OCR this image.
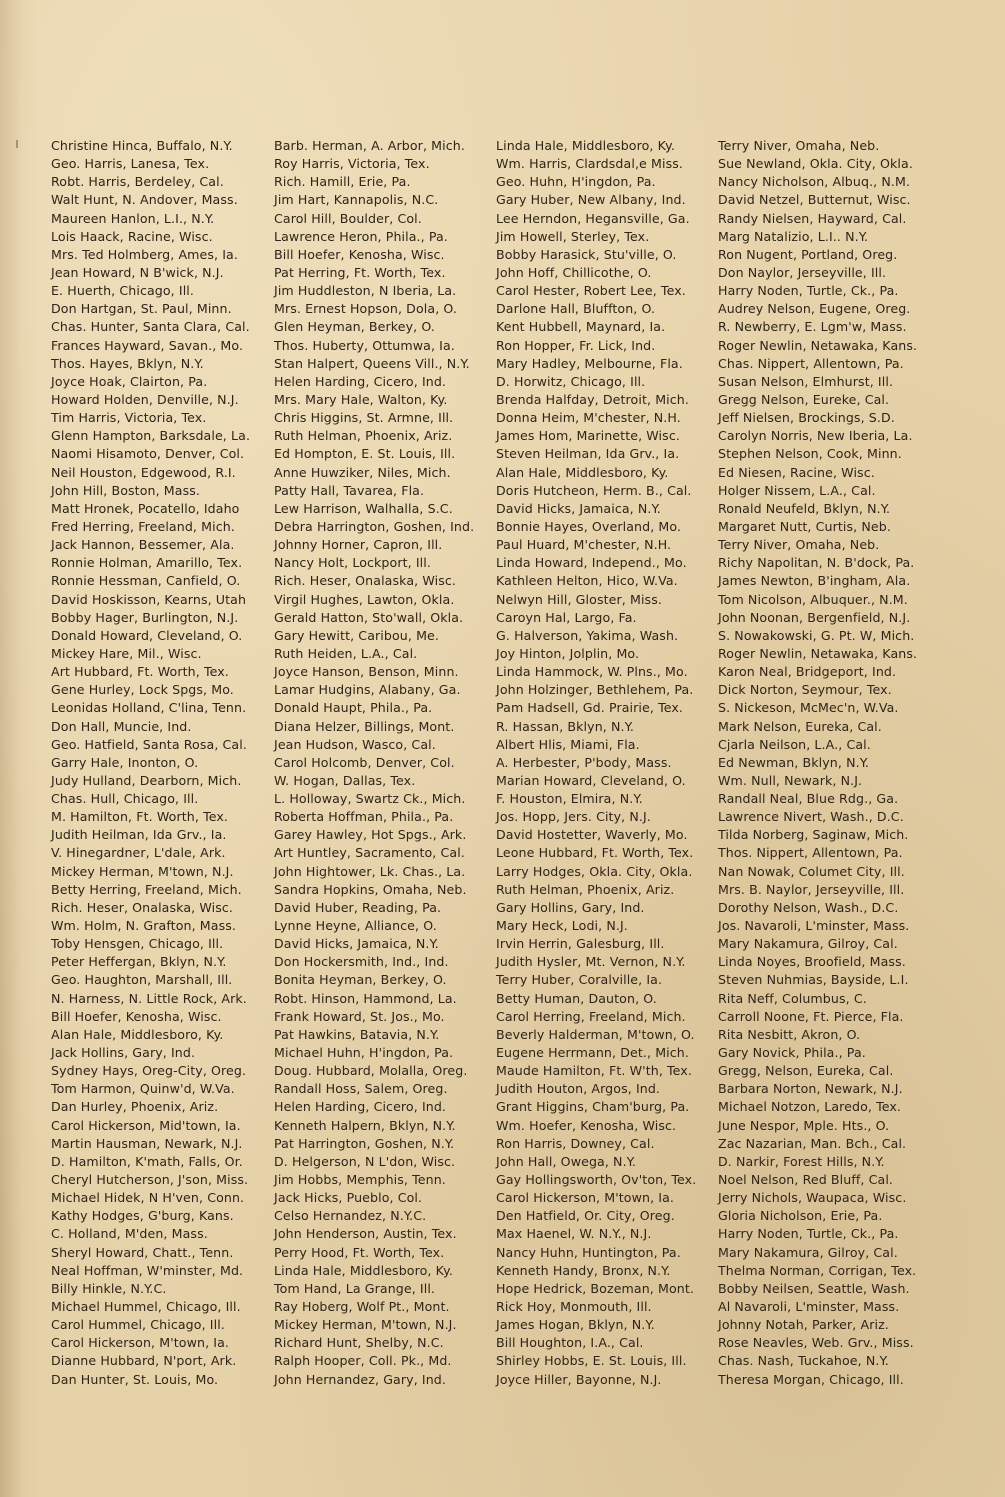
Christine Hinca, Buffalo, N.Y.
Geo. Harris, Lanesa, Tex.
Robt. Harris, Berdeley, Cal.
Walt Hunt, N. Andover, Mass.
Maureen Hanlon, L.I., N.Y.
Lois Haack, Racine, Wisc.
Mrs. Ted Holmberg, Ames, Ia.
Jean Howard, N B'wick, N.J.
E. Huerth, Chicago, Ill.
Don Hartgan, St. Paul, Minn.
Chas. Hunter, Santa Clara, Cal.
Frances Hayward, Savan., Mo.
Thos. Hayes, Bklyn, N.Y.
Joyce Hoak, Clairton, Pa.
Howard Holden, Denville, N.J.
Tim Harris, Victoria, Tex.
Glenn Hampton, Barksdale, La.
Naomi Hisamoto, Denver, Col.
Neil Houston, Edgewood, R.I.
John Hill, Boston, Mass.
Matt Hronek, Pocatello, Idaho
Fred Herring, Freeland, Mich.
Jack Hannon, Bessemer, Ala.
Ronnie Holman, Amarillo, Tex.
Ronnie Hessman, Canfield, O.
David Hoskisson, Kearns, Utah
Bobby Hager, Burlington, N.J.
Donald Howard, Cleveland, O.
Mickey Hare, Mil., Wisc.
Art Hubbard, Ft. Worth, Tex.
Gene Hurley, Lock Spgs, Mo.
Leonidas Holland, C'lina, Tenn.
Don Hall, Muncie, Ind.
Geo. Hatfield, Santa Rosa, Cal.
Garry Hale, Inonton, O.
Judy Hulland, Dearborn, Mich.
Chas. Hull, Chicago, Ill.
M. Hamilton, Ft. Worth, Tex.
Judith Heilman, Ida Grv., Ia.
V. Hinegardner, L'dale, Ark.
Mickey Herman, M'town, N.J.
Betty Herring, Freeland, Mich.
Rich. Heser, Onalaska, Wisc.
Wm. Holm, N. Grafton, Mass.
Toby Hensgen, Chicago, Ill.
Peter Heffergan, Bklyn, N.Y.
Geo. Haughton, Marshall, Ill.
N. Harness, N. Little Rock, Ark.
Bill Hoefer, Kenosha, Wisc.
Alan Hale, Middlesboro, Ky.
Jack Hollins, Gary, Ind.
Sydney Hays, Oreg-City, Oreg.
Tom Harmon, Quinw'd, W.Va.
Dan Hurley, Phoenix, Ariz.
Carol Hickerson, Mid'town, Ia.
Martin Hausman, Newark, N.J.
D. Hamilton, K'math, Falls, Or.
Cheryl Hutcherson, J'son, Miss.
Michael Hidek, N H'ven, Conn.
Kathy Hodges, G'burg, Kans.
C. Holland, M'den, Mass.
Sheryl Howard, Chatt., Tenn.
Neal Hoffman, W'minster, Md.
Billy Hinkle, N.Y.C.
Michael Hummel, Chicago, Ill.
Carol Hummel, Chicago, Ill.
Carol Hickerson, M'town, Ia.
Dianne Hubbard, N'port, Ark.
Dan Hunter, St. Louis, Mo.
Barb. Herman, A. Arbor, Mich.
Roy Harris, Victoria, Tex.
Rich. Hamill, Erie, Pa.
Jim Hart, Kannapolis, N.C.
Carol Hill, Boulder, Col.
Lawrence Heron, Phila., Pa.
Bill Hoefer, Kenosha, Wisc.
Pat Herring, Ft. Worth, Tex.
Jim Huddleston, N Iberia, La.
Mrs. Ernest Hopson, Dola, O.
Glen Heyman, Berkey, O.
Thos. Huberty, Ottumwa, Ia.
Stan Halpert, Queens Vill., N.Y.
Helen Harding, Cicero, Ind.
Mrs. Mary Hale, Walton, Ky.
Chris Higgins, St. Armne, Ill.
Ruth Helman, Phoenix, Ariz.
Ed Hompton, E. St. Louis, Ill.
Anne Huwziker, Niles, Mich.
Patty Hall, Tavarea, Fla.
Lew Harrison, Walhalla, S.C.
Debra Harrington, Goshen, Ind.
Johnny Horner, Capron, Ill.
Nancy Holt, Lockport, Ill.
Rich. Heser, Onalaska, Wisc.
Virgil Hughes, Lawton, Okla.
Gerald Hatton, Sto'wall, Okla.
Gary Hewitt, Caribou, Me.
Ruth Heiden, L.A., Cal.
Joyce Hanson, Benson, Minn.
Lamar Hudgins, Alabany, Ga.
Donald Haupt, Phila., Pa.
Diana Helzer, Billings, Mont.
Jean Hudson, Wasco, Cal.
Carol Holcomb, Denver, Col.
W. Hogan, Dallas, Tex.
L. Holloway, Swartz Ck., Mich.
Roberta Hoffman, Phila., Pa.
Garey Hawley, Hot Spgs., Ark.
Art Huntley, Sacramento, Cal.
John Hightower, Lk. Chas., La.
Sandra Hopkins, Omaha, Neb.
David Huber, Reading, Pa.
Lynne Heyne, Alliance, O.
David Hicks, Jamaica, N.Y.
Don Hockersmith, Ind., Ind.
Bonita Heyman, Berkey, O.
Robt. Hinson, Hammond, La.
Frank Howard, St. Jos., Mo.
Pat Hawkins, Batavia, N.Y.
Michael Huhn, H'ingdon, Pa.
Doug. Hubbard, Molalla, Oreg.
Randall Hoss, Salem, Oreg.
Helen Harding, Cicero, Ind.
Kenneth Halpern, Bklyn, N.Y.
Pat Harrington, Goshen, N.Y.
D. Helgerson, N L'don, Wisc.
Jim Hobbs, Memphis, Tenn.
Jack Hicks, Pueblo, Col.
Celso Hernandez, N.Y.C.
John Henderson, Austin, Tex.
Perry Hood, Ft. Worth, Tex.
Linda Hale, Middlesboro, Ky.
Tom Hand, La Grange, Ill.
Ray Hoberg, Wolf Pt., Mont.
Mickey Herman, M'town, N.J.
Richard Hunt, Shelby, N.C.
Ralph Hooper, Coll. Pk., Md.
John Hernandez, Gary, Ind.
Linda Hale, Middlesboro, Ky.
Wm. Harris, Clardsdal,e Miss.
Geo. Huhn, H'ingdon, Pa.
Gary Huber, New Albany, Ind.
Lee Herndon, Hegansville, Ga.
Jim Howell, Sterley, Tex.
Bobby Harasick, Stu'ville, O.
John Hoff, Chillicothe, O.
Carol Hester, Robert Lee, Tex.
Darlone Hall, Bluffton, O.
Kent Hubbell, Maynard, Ia.
Ron Hopper, Fr. Lick, Ind.
Mary Hadley, Melbourne, Fla.
D. Horwitz, Chicago, Ill.
Brenda Halfday, Detroit, Mich.
Donna Heim, M'chester, N.H.
James Hom, Marinette, Wisc.
Steven Heilman, Ida Grv., Ia.
Alan Hale, Middlesboro, Ky.
Doris Hutcheon, Herm. B., Cal.
David Hicks, Jamaica, N.Y.
Bonnie Hayes, Overland, Mo.
Paul Huard, M'chester, N.H.
Linda Howard, Independ., Mo.
Kathleen Helton, Hico, W.Va.
Nelwyn Hill, Gloster, Miss.
Caroyn Hal, Largo, Fa.
G. Halverson, Yakima, Wash.
Joy Hinton, Jolplin, Mo.
Linda Hammock, W. Plns., Mo.
John Holzinger, Bethlehem, Pa.
Pam Hadsell, Gd. Prairie, Tex.
R. Hassan, Bklyn, N.Y.
Albert Hlis, Miami, Fla.
A. Herbester, P'body, Mass.
Marian Howard, Cleveland, O.
F. Houston, Elmira, N.Y.
Jos. Hopp, Jers. City, N.J.
David Hostetter, Waverly, Mo.
Leone Hubbard, Ft. Worth, Tex.
Larry Hodges, Okla. City, Okla.
Ruth Helman, Phoenix, Ariz.
Gary Hollins, Gary, Ind.
Mary Heck, Lodi, N.J.
Irvin Herrin, Galesburg, Ill.
Judith Hysler, Mt. Vernon, N.Y.
Terry Huber, Coralville, Ia.
Betty Human, Dauton, O.
Carol Herring, Freeland, Mich.
Beverly Halderman, M'town, O.
Eugene Herrmann, Det., Mich.
Maude Hamilton, Ft. W'th, Tex.
Judith Houton, Argos, Ind.
Grant Higgins, Cham'burg, Pa.
Wm. Hoefer, Kenosha, Wisc.
Ron Harris, Downey, Cal.
John Hall, Owega, N.Y.
Gay Hollingsworth, Ov'ton, Tex.
Carol Hickerson, M'town, Ia.
Den Hatfield, Or. City, Oreg.
Max Haenel, W. N.Y., N.J.
Nancy Huhn, Huntington, Pa.
Kenneth Handy, Bronx, N.Y.
Hope Hedrick, Bozeman, Mont.
Rick Hoy, Monmouth, Ill.
James Hogan, Bklyn, N.Y.
Bill Houghton, I.A., Cal.
Shirley Hobbs, E. St. Louis, Ill.
Joyce Hiller, Bayonne, N.J.
Terry Niver, Omaha, Neb.
Sue Newland, Okla. City, Okla.
Nancy Nicholson, Albuq., N.M.
David Netzel, Butternut, Wisc.
Randy Nielsen, Hayward, Cal.
Marg Natalizio, L.I.. N.Y.
Ron Nugent, Portland, Oreg.
Don Naylor, Jerseyville, Ill.
Harry Noden, Turtle, Ck., Pa.
Audrey Nelson, Eugene, Oreg.
R. Newberry, E. Lgm'w, Mass.
Roger Newlin, Netawaka, Kans.
Chas. Nippert, Allentown, Pa.
Susan Nelson, Elmhurst, Ill.
Gregg Nelson, Eureke, Cal.
Jeff Nielsen, Brockings, S.D.
Carolyn Norris, New Iberia, La.
Stephen Nelson, Cook, Minn.
Ed Niesen, Racine, Wisc.
Holger Nissem, L.A., Cal.
Ronald Neufeld, Bklyn, N.Y.
Margaret Nutt, Curtis, Neb.
Terry Niver, Omaha, Neb.
Richy Napolitan, N. B'dock, Pa.
James Newton, B'ingham, Ala.
Tom Nicolson, Albuquer., N.M.
John Noonan, Bergenfield, N.J.
S. Nowakowski, G. Pt. W, Mich.
Roger Newlin, Netawaka, Kans.
Karon Neal, Bridgeport, Ind.
Dick Norton, Seymour, Tex.
S. Nickeson, McMec'n, W.Va.
Mark Nelson, Eureka, Cal.
Cjarla Neilson, L.A., Cal.
Ed Newman, Bklyn, N.Y.
Wm. Null, Newark, N.J.
Randall Neal, Blue Rdg., Ga.
Lawrence Nivert, Wash., D.C.
Tilda Norberg, Saginaw, Mich.
Thos. Nippert, Allentown, Pa.
Nan Nowak, Columet City, Ill.
Mrs. B. Naylor, Jerseyville, Ill.
Dorothy Nelson, Wash., D.C.
Jos. Navaroli, L'minster, Mass.
Mary Nakamura, Gilroy, Cal.
Linda Noyes, Broofield, Mass.
Steven Nuhmias, Bayside, L.I.
Rita Neff, Columbus, C.
Carroll Noone, Ft. Pierce, Fla.
Rita Nesbitt, Akron, O.
Gary Novick, Phila., Pa.
Gregg, Nelson, Eureka, Cal.
Barbara Norton, Newark, N.J.
Michael Notzon, Laredo, Tex.
June Nespor, Mple. Hts., O.
Zac Nazarian, Man. Bch., Cal.
D. Narkir, Forest Hills, N.Y.
Noel Nelson, Red Bluff, Cal.
Jerry Nichols, Waupaca, Wisc.
Gloria Nicholson, Erie, Pa.
Harry Noden, Turtle, Ck., Pa.
Mary Nakamura, Gilroy, Cal.
Thelma Norman, Corrigan, Tex.
Bobby Neilsen, Seattle, Wash.
Al Navaroli, L'minster, Mass.
Johnny Notah, Parker, Ariz.
Rose Neavles, Web. Grv., Miss.
Chas. Nash, Tuckahoe, N.Y.
Theresa Morgan, Chicago, Ill.
